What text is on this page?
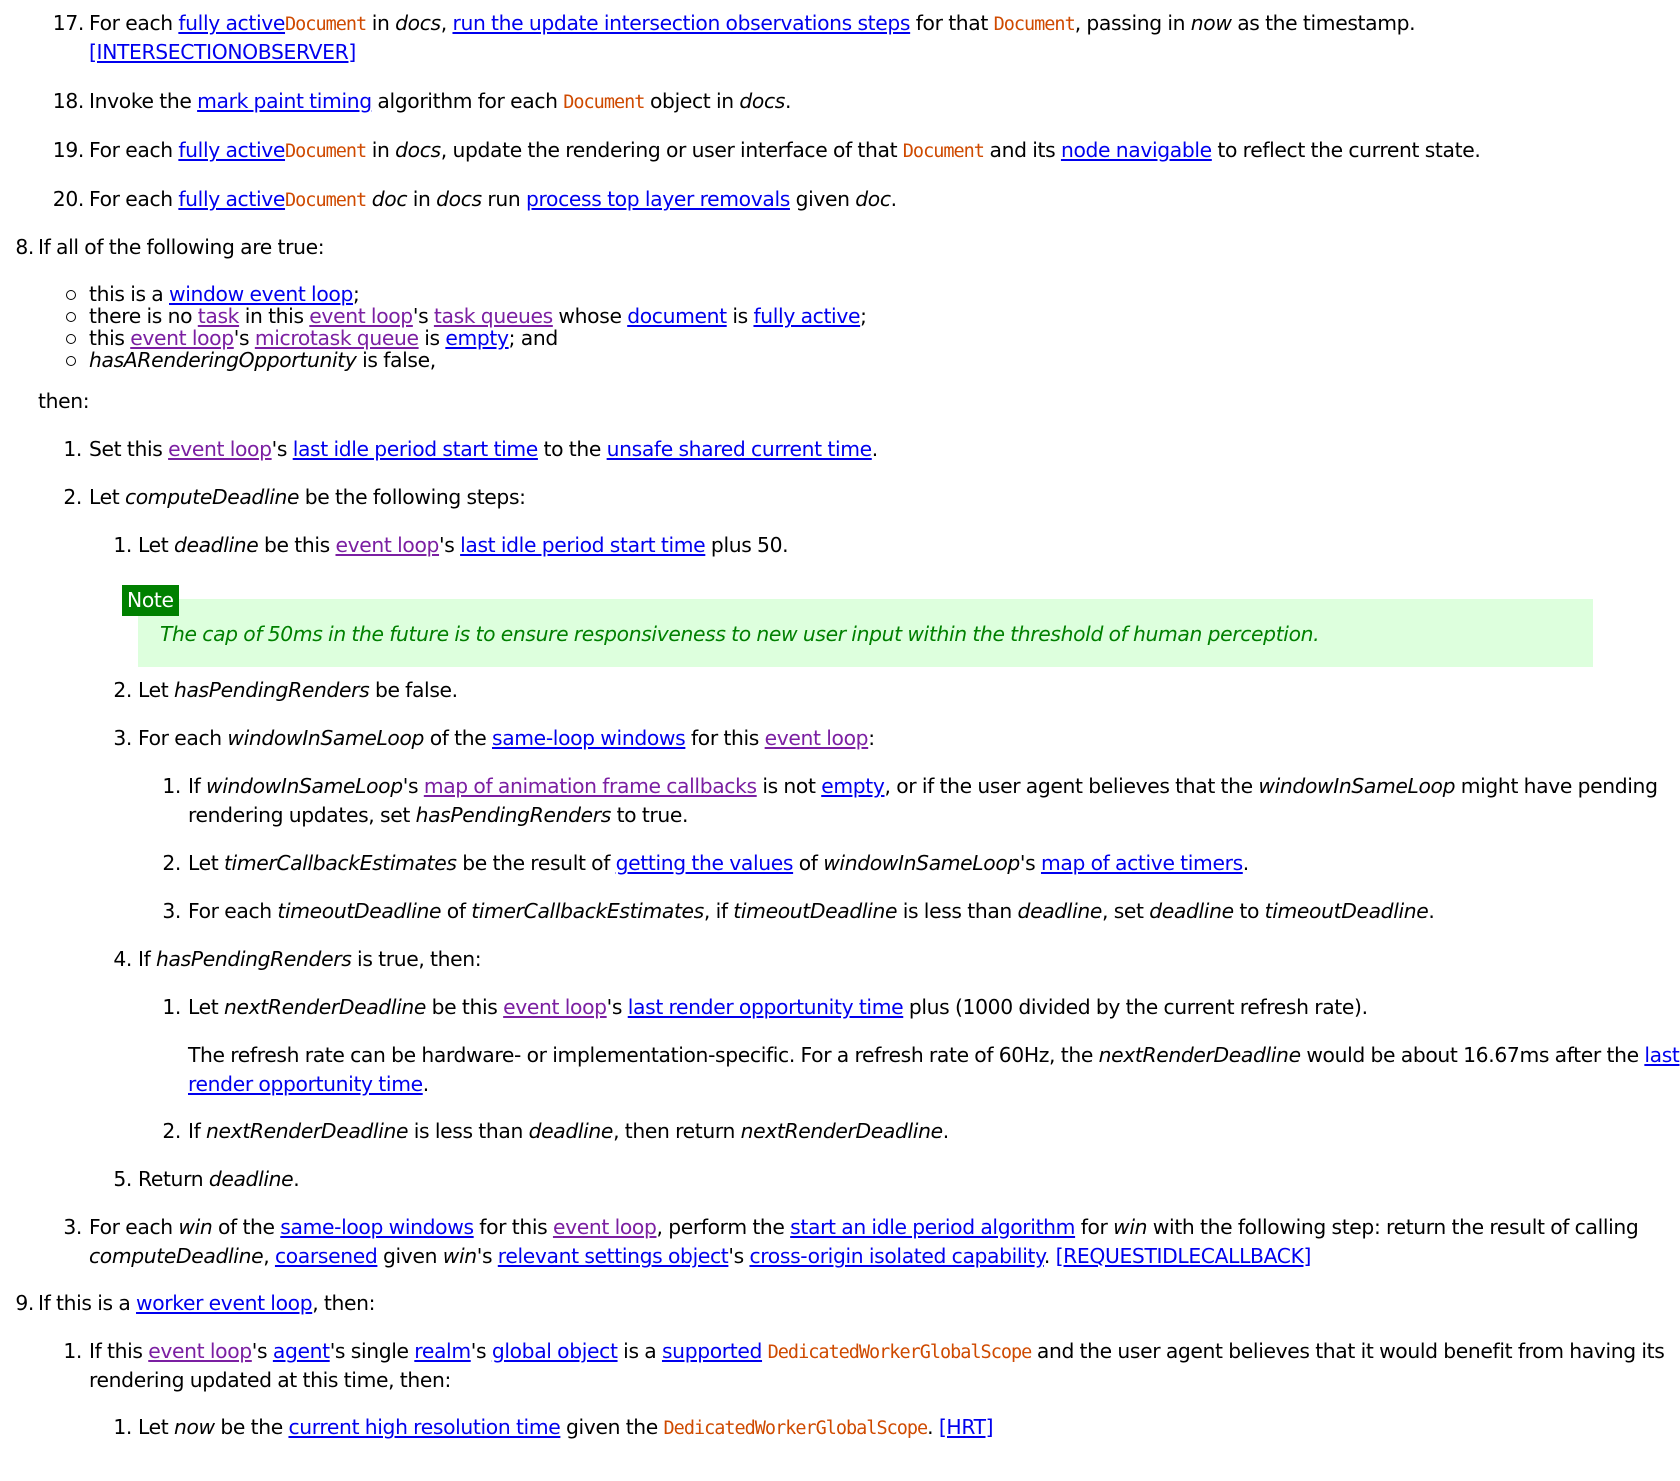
17. For each fully activeDocument in docs, run the update intersection observations steps for that Document, passing in now as the timestamp.
[INTERSECTIONOBSERVER]
18. Invoke the mark paint timing algorithm for each Document object in docs.
19. For each fully activeDocument in docs, update the rendering or user interface of that Document and its node navigable to reflect the current state.
20. For each fully activeDocument doc in docs run process top layer removals given doc.
8. If all of the following are true:
this is a window event loop;
there is no task in this event loop's task queues whose document is fully active;
this event loop's microtask queue is empty; and
hasARenderingOpportunity is false,
then:
1. Set this event loop's last idle period start time to the unsafe shared current time.
2. Let computeDeadline be the following steps:
1. Let deadline be this event loop's last idle period start time plus 50.
Note
The cap of 50ms in the future is to ensure responsiveness to new user input within the threshold of human perception.
2. Let hasPendingRenders be false.
3. For each windowInSameLoop of the same-loop windows for this event loop:
1. If windowInSameLoop's map of animation frame callbacks is not empty, or if the user agent believes that the windowInSameLoop might have pending
rendering updates, set hasPendingRenders to true.
2. Let timerCallbackEstimates be the result of getting the values of windowInSameLoop's map of active timers.
3. For each timeoutDeadline of timerCallbackEstimates, if timeoutDeadline is less than deadline, set deadline to timeoutDeadline.
4. If hasPendingRenders is true, then:
1. Let nextRenderDeadline be this event loop's last render opportunity time plus (1000 divided by the current refresh rate).
The refresh rate can be hardware- or implementation-specific. For a refresh rate of 60Hz, the nextRenderDeadline would be about 16.67ms after the last
render opportunity time.
2. If nextRenderDeadline is less than deadline, then return nextRenderDeadline.
5. Return deadline.
3. For each win of the same-loop windows for this event loop, perform the start an idle period algorithm for win with the following step: return the result of calling
computeDeadline, coarsened given win's relevant settings object's cross-origin isolated capability. [REQUESTIDLECALLBACK]
9. If this is a worker event loop, then:
1. If this event loop's agent's single realm's global object is a supported DedicatedWorkerGlobalScope and the user agent believes that it would benefit from having its
rendering updated at this time, then:
1. Let now be the current high resolution time given the DedicatedWorkerGlobalScope. [HRT]
